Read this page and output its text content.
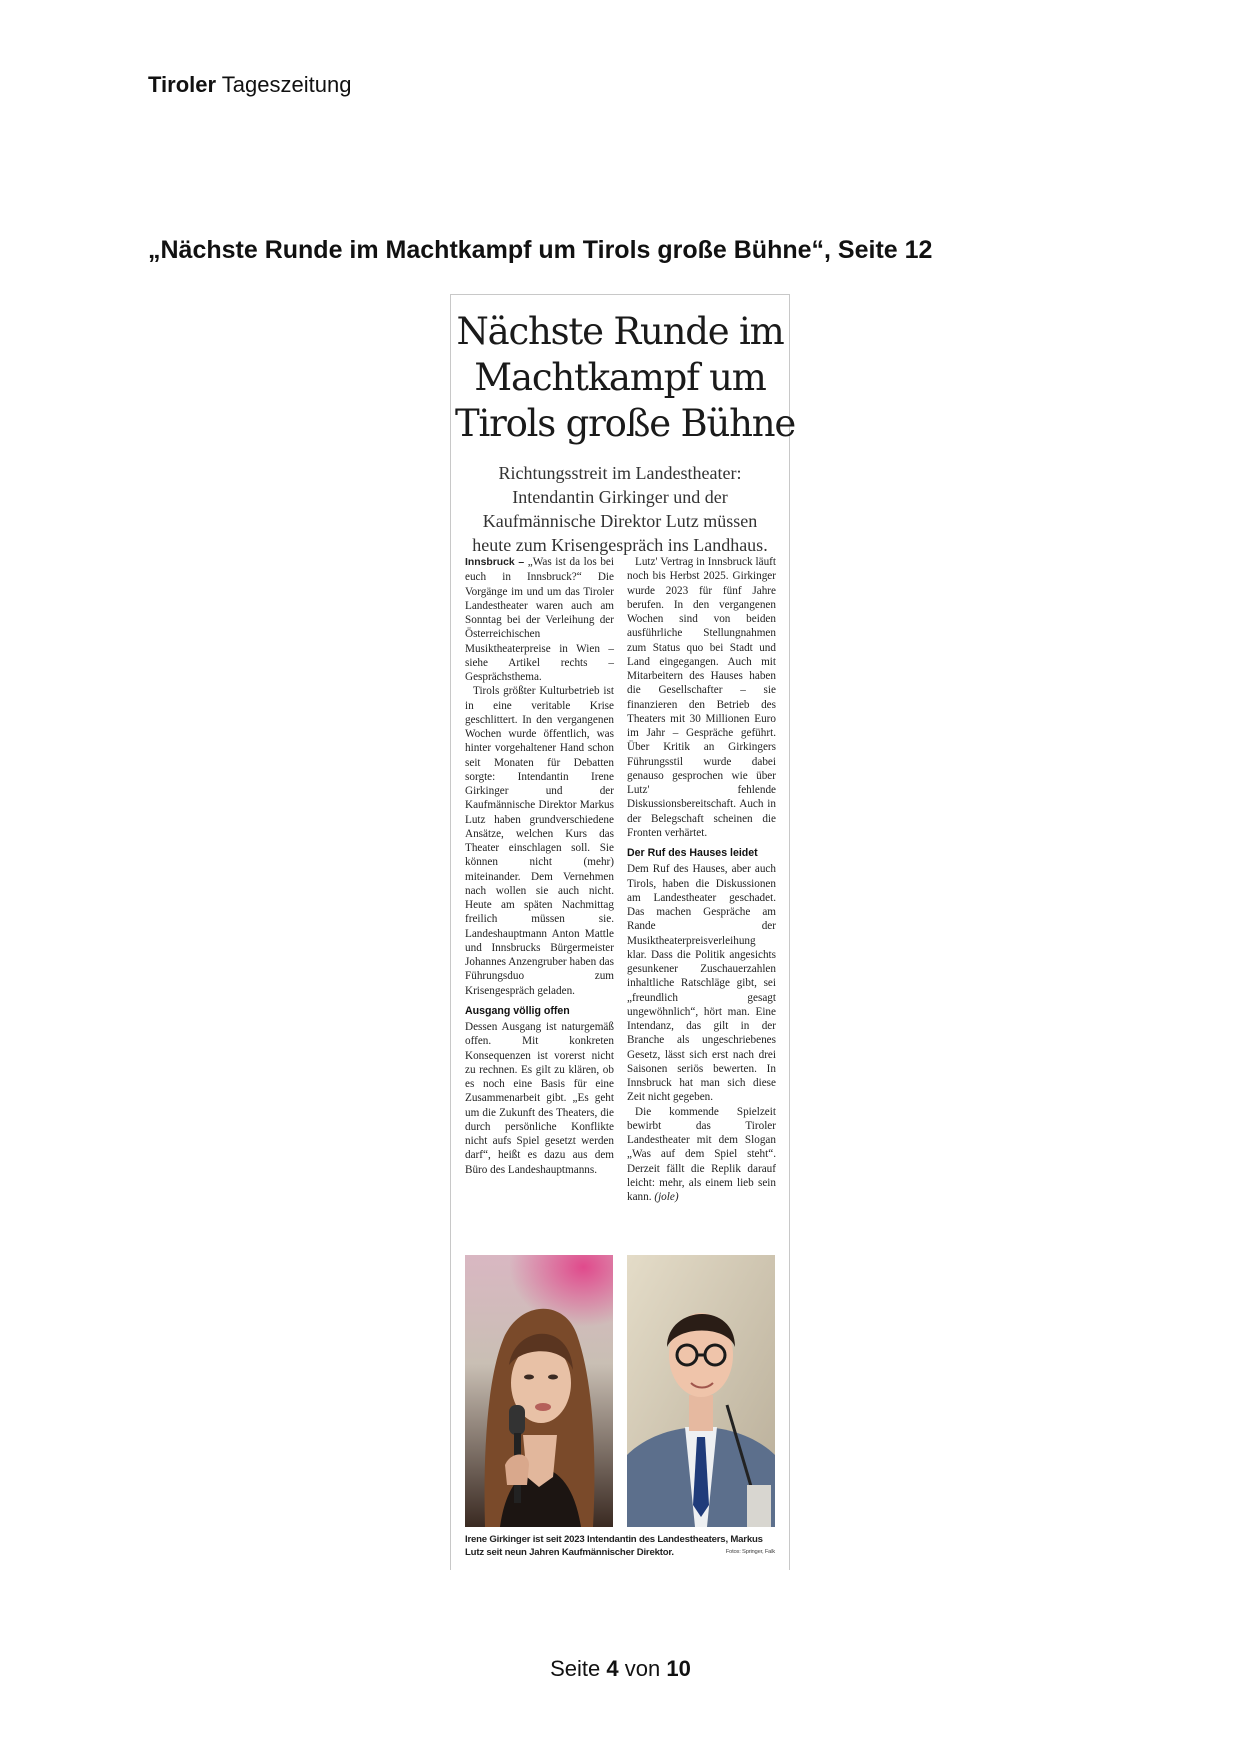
Tiroler Tageszeitung
„Nächste Runde im Machtkampf um Tirols große Bühne“, Seite 12
Nächste Runde im
Machtkampf um
Tirols große Bühne
Richtungsstreit im Landestheater:
Intendantin Girkinger und der
Kaufmännische Direktor Lutz müssen
heute zum Krisengespräch ins Landhaus.

Innsbruck – „Was ist da los bei euch in Innsbruck?“ Die Vorgänge im und um das Tiroler Landestheater waren auch am Sonntag bei der Verleihung der Österreichischen Musiktheaterpreise in Wien – siehe Artikel rechts – Gesprächsthema.

Tirols größter Kulturbetrieb ist in eine veritable Krise geschlittert. In den vergangenen Wochen wurde öffentlich, was hinter vorgehaltener Hand schon seit Monaten für Debatten sorgte: Intendantin Irene Girkinger und der Kaufmännische Direktor Markus Lutz haben grundverschiedene Ansätze, welchen Kurs das Theater einschlagen soll. Sie können nicht (mehr) miteinander. Dem Vernehmen nach wollen sie auch nicht. Heute am späten Nachmittag freilich müssen sie. Landeshauptmann Anton Mattle und Innsbrucks Bürgermeister Johannes Anzengruber haben das Führungsduo zum Krisengespräch geladen.

Ausgang völlig offen

Dessen Ausgang ist naturgemäß offen. Mit konkreten Konsequenzen ist vorerst nicht zu rechnen. Es gilt zu klären, ob es noch eine Basis für eine Zusammenarbeit gibt. „Es geht um die Zukunft des Theaters, die durch persönliche Konflikte nicht aufs Spiel gesetzt werden darf“, heißt es dazu aus dem Büro des Landeshauptmanns.

Lutz' Vertrag in Innsbruck läuft noch bis Herbst 2025. Girkinger wurde 2023 für fünf Jahre berufen. In den vergangenen Wochen sind von beiden ausführliche Stellungnahmen zum Status quo bei Stadt und Land eingegangen. Auch mit Mitarbeitern des Hauses haben die Gesellschafter – sie finanzieren den Betrieb des Theaters mit 30 Millionen Euro im Jahr – Gespräche geführt. Über Kritik an Girkingers Führungsstil wurde dabei genauso gesprochen wie über Lutz' fehlende Diskussionsbereitschaft. Auch in der Belegschaft scheinen die Fronten verhärtet.

Der Ruf des Hauses leidet

Dem Ruf des Hauses, aber auch Tirols, haben die Diskussionen am Landestheater geschadet. Das machen Gespräche am Rande der Musiktheaterpreisverleihung klar. Dass die Politik angesichts gesunkener Zuschauerzahlen inhaltliche Ratschläge gibt, sei „freundlich gesagt ungewöhnlich“, hört man. Eine Intendanz, das gilt in der Branche als ungeschriebenes Gesetz, lässt sich erst nach drei Saisonen seriös bewerten. In Innsbruck hat man sich diese Zeit nicht gegeben.

Die kommende Spielzeit bewirbt das Tiroler Landestheater mit dem Slogan „Was auf dem Spiel steht“. Derzeit fällt die Replik darauf leicht: mehr, als einem lieb sein kann. (jole)

Irene Girkinger ist seit 2023 Intendantin des Landestheaters, Markus Lutz seit neun Jahren Kaufmännischer Direktor.	Fotos: Springer, Falk
Seite 4 von 10
